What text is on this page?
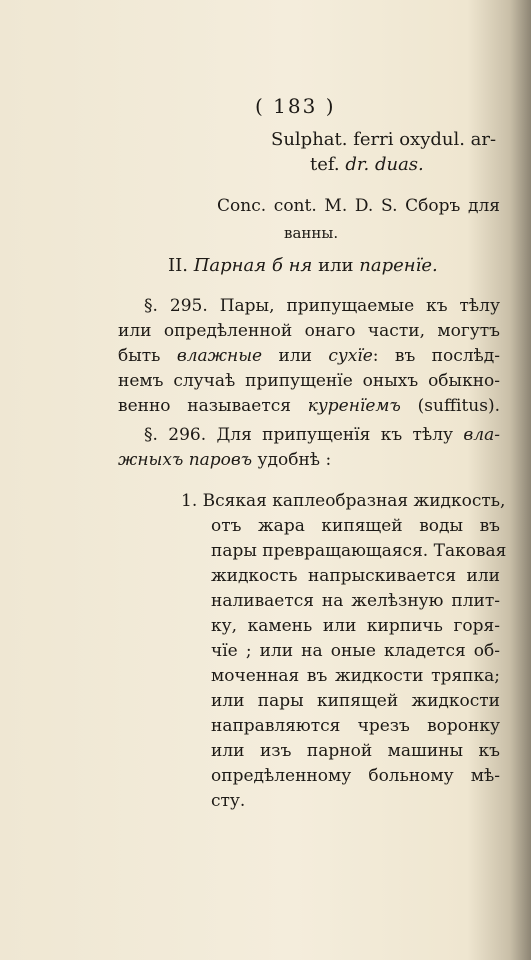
( 183 )
Sulphat. ferri oxydul. ar-
tef. dr. duas.
Conc. cont. M. D. S. Сборъ для
ванны.
II. Парная б ня или паренïе.
§. 295. Пары, припущаемые къ тѣлу
или опредѣленной онаго части, могутъ
быть влажные или сухïе: въ послѣд-
немъ случаѣ припущенïе оныхъ обыкно-
венно называется куренïемъ (suffitus).
§. 296. Для припущенïя къ тѣлу вла-
жныхъ паровъ удобнѣ :
1. Всякая каплеобразная жидкость,
отъ жара кипящей воды въ
пары превращающаяся. Таковая
жидкость напрыскивается или
наливается на желѣзную плит-
ку, камень или кирпичь горя-
чïе ; или на оные кладется об-
моченная въ жидкости тряпка;
или пары кипящей жидкости
направляются чрезъ воронку
или изъ парной машины къ
опредѣленному больному мѣ-
сту.
